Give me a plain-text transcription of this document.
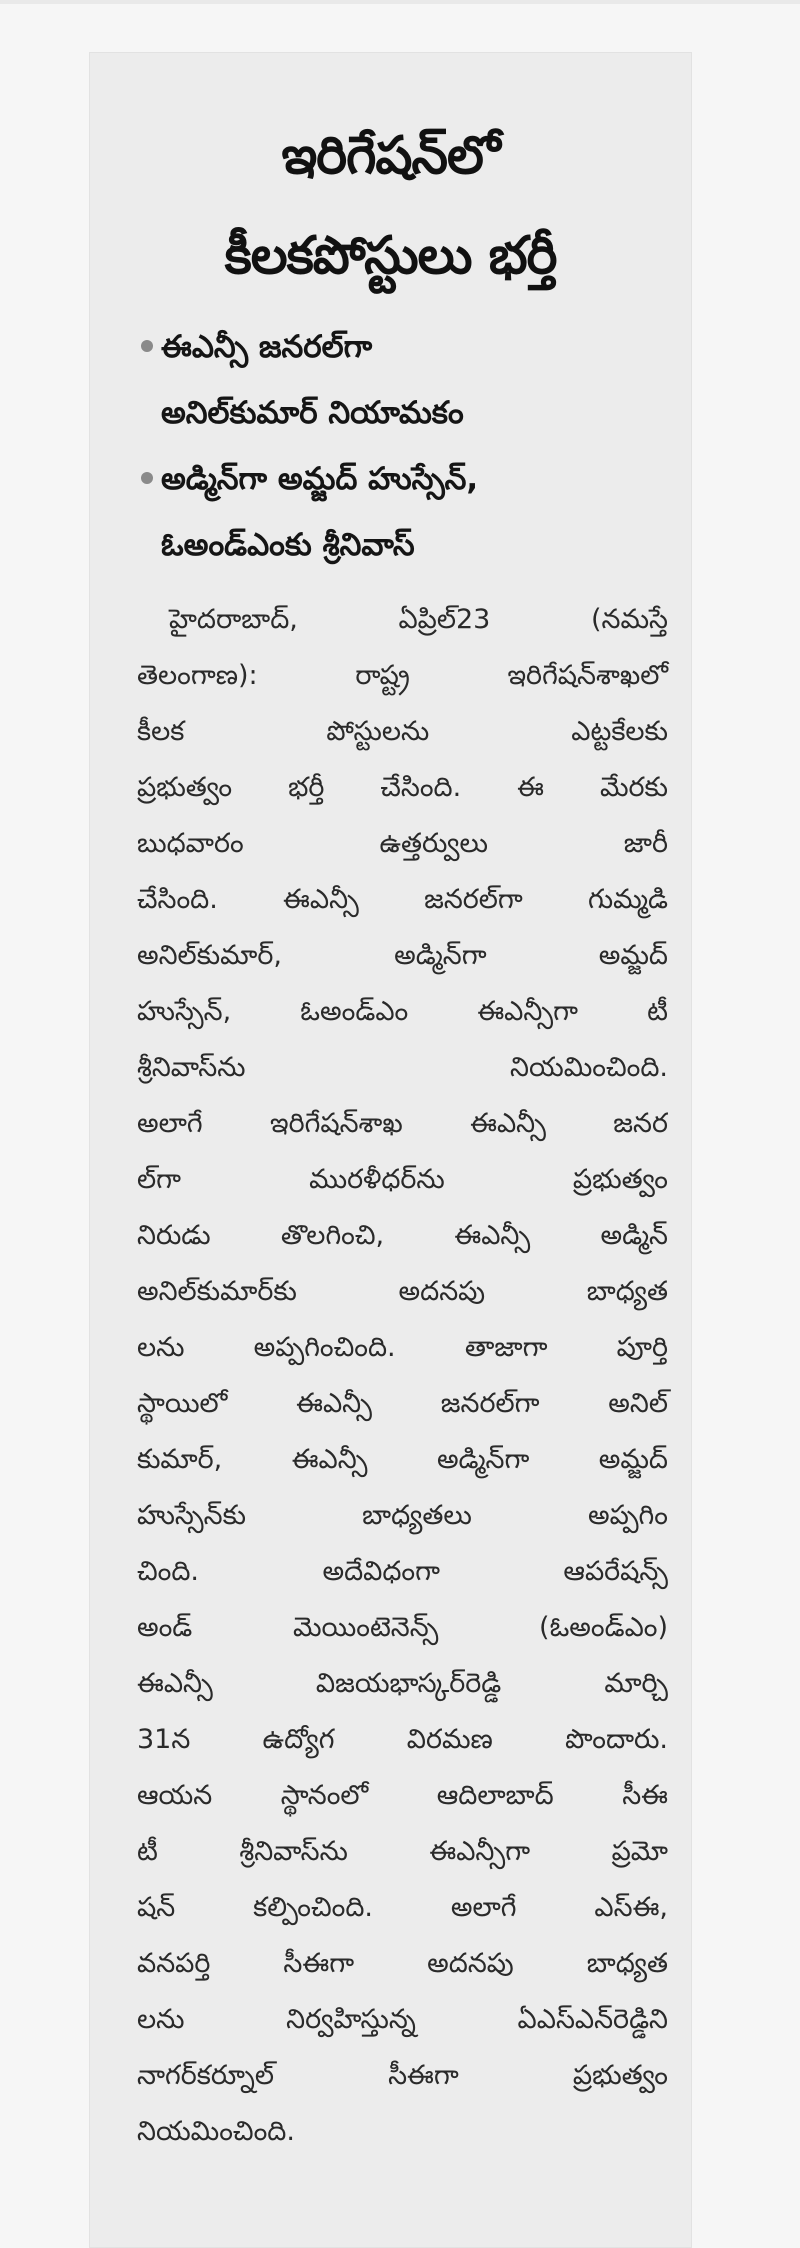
ఇరిగేషన్‌లో
కీలకపోస్టులు భర్తీ
ఈఎన్సీ జనరల్‌గా
అనిల్‌కుమార్ నియామకం
అడ్మిన్‌గా అమ్జద్ హుస్సేన్,
ఓఅండ్ఎంకు శ్రీనివాస్
హైదరాబాద్, ఏప్రిల్23 (నమస్తే
తెలంగాణ): రాష్ట్ర ఇరిగేషన్‌శాఖలో
కీలక పోస్టులను ఎట్టకేలకు
ప్రభుత్వం భర్తీ చేసింది. ఈ మేరకు
బుధవారం ఉత్తర్వులు జారీ
చేసింది. ఈఎన్సీ జనరల్‌గా గుమ్మడి
అనిల్‌కుమార్, అడ్మిన్‌గా అమ్జద్
హుస్సేన్, ఓఅండ్ఎం ఈఎన్సీగా టీ
శ్రీనివాస్‌ను నియమించింది.
అలాగే ఇరిగేషన్‌శాఖ ఈఎన్సీ జనర
ల్‌గా మురళీధర్‌ను ప్రభుత్వం
నిరుడు తొలగించి, ఈఎన్సీ అడ్మిన్
అనిల్‌కుమార్‌కు అదనపు బాధ్యత
లను అప్పగించింది. తాజాగా పూర్తి
స్థాయిలో ఈఎన్సీ జనరల్‌గా అనిల్
కుమార్, ఈఎన్సీ అడ్మిన్‌గా అమ్జద్
హుస్సేన్‌కు బాధ్యతలు అప్పగిం
చింది. అదేవిధంగా ఆపరేషన్స్
అండ్ మెయింటెనెన్స్ (ఓఅండ్ఎం)
ఈఎన్సీ విజయభాస్కర్‌రెడ్డి మార్చి
31న ఉద్యోగ విరమణ పొందారు.
ఆయన స్థానంలో ఆదిలాబాద్ సీఈ
టీ శ్రీనివాస్‌ను ఈఎన్సీగా ప్రమో
షన్ కల్పించింది. అలాగే ఎస్ఈ,
వనపర్తి సీఈగా అదనపు బాధ్యత
లను నిర్వహిస్తున్న ఏఎస్ఎన్‌రెడ్డిని
నాగర్‌కర్నూల్ సీఈగా ప్రభుత్వం
నియమించింది.
